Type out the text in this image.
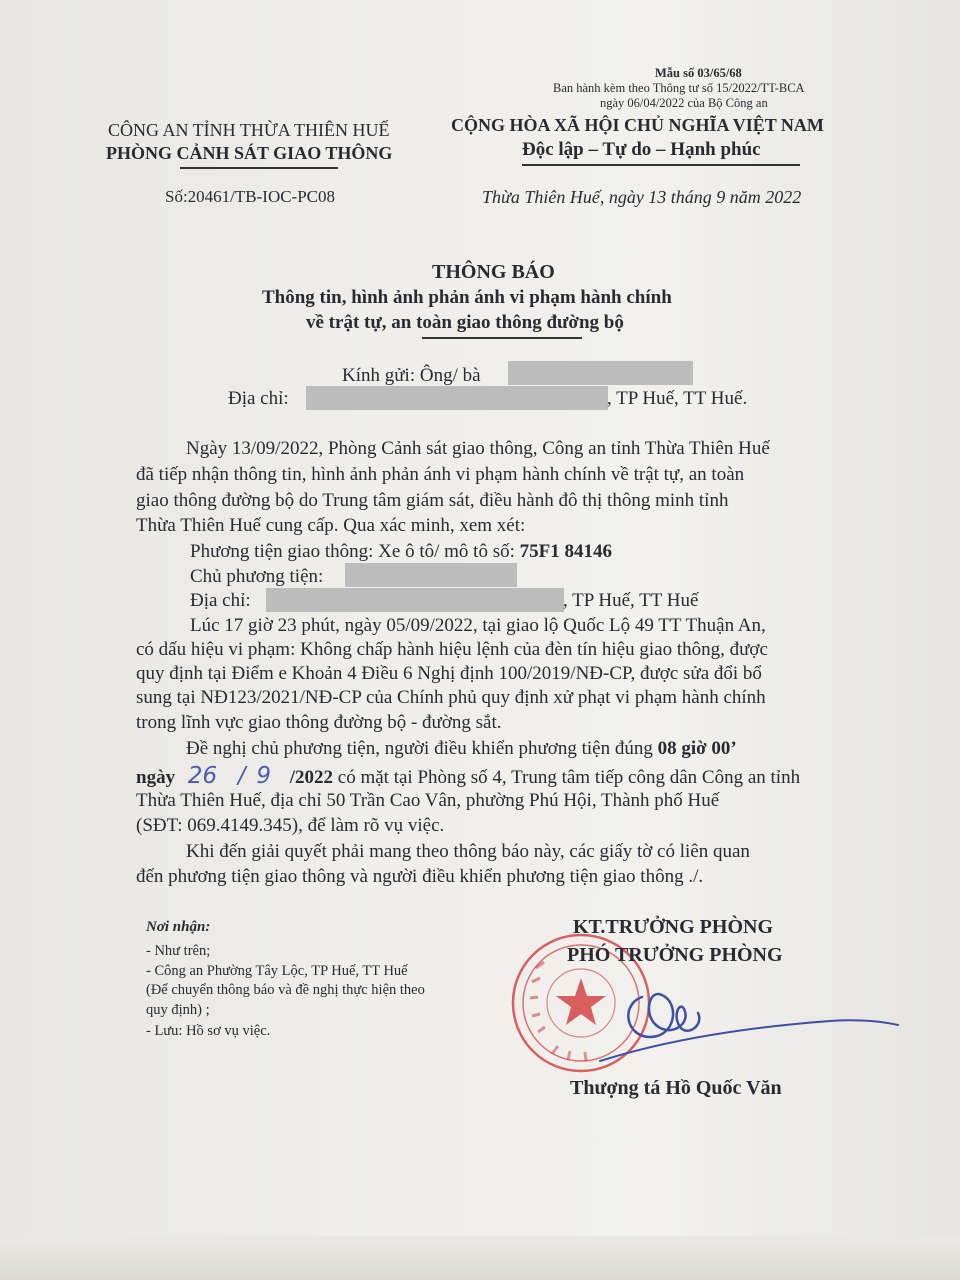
Mẫu số 03/65/68
Ban hành kèm theo Thông tư số 15/2022/TT-BCA
ngày 06/04/2022 của Bộ Công an
CÔNG AN TỈNH THỪA THIÊN HUẾ
PHÒNG CẢNH SÁT GIAO THÔNG
Số:20461/TB-IOC-PC08
CỘNG HÒA XÃ HỘI CHỦ NGHĨA VIỆT NAM
Độc lập – Tự do – Hạnh phúc
Thừa Thiên Huế, ngày 13 tháng 9 năm 2022
THÔNG BÁO
Thông tin, hình ảnh phản ánh vi phạm hành chính
về trật tự, an toàn giao thông đường bộ
Kính gửi: Ông/ bà
Địa chỉ:	, TP Huế, TT Huế.
Ngày 13/09/2022, Phòng Cảnh sát giao thông, Công an tỉnh Thừa Thiên Huế
đã tiếp nhận thông tin, hình ảnh phản ánh vi phạm hành chính về trật tự, an toàn
giao thông đường bộ do Trung tâm giám sát, điều hành đô thị thông minh tỉnh
Thừa Thiên Huế cung cấp. Qua xác minh, xem xét:
Phương tiện giao thông: Xe ô tô/ mô tô số: 75F1 84146
Chủ phương tiện:
Địa chỉ:	, TP Huế, TT Huế
Lúc 17 giờ 23 phút, ngày 05/09/2022, tại giao lộ Quốc Lộ 49 TT Thuận An,
có dấu hiệu vi phạm: Không chấp hành hiệu lệnh của đèn tín hiệu giao thông, được
quy định tại Điểm e Khoản 4 Điều 6 Nghị định 100/2019/NĐ-CP, được sửa đổi bổ
sung tại NĐ123/2021/NĐ-CP của Chính phủ quy định xử phạt vi phạm hành chính
trong lĩnh vực giao thông đường bộ - đường sắt.
Đề nghị chủ phương tiện, người điều khiển phương tiện đúng 08 giờ 00’
ngày 26 / 9 /2022 có mặt tại Phòng số 4, Trung tâm tiếp công dân Công an tỉnh
Thừa Thiên Huế, địa chỉ 50 Trần Cao Vân, phường Phú Hội, Thành phố Huế
(SĐT: 069.4149.345), để làm rõ vụ việc.
Khi đến giải quyết phải mang theo thông báo này, các giấy tờ có liên quan
đến phương tiện giao thông và người điều khiển phương tiện giao thông ./.
Nơi nhận:
- Như trên;
- Công an Phường Tây Lộc, TP Huế, TT Huế
(Để chuyển thông báo và đề nghị thực hiện theo
quy định) ;
- Lưu: Hồ sơ vụ việc.
KT.TRƯỞNG PHÒNG
PHÓ TRƯỞNG PHÒNG
Thượng tá Hồ Quốc Văn
